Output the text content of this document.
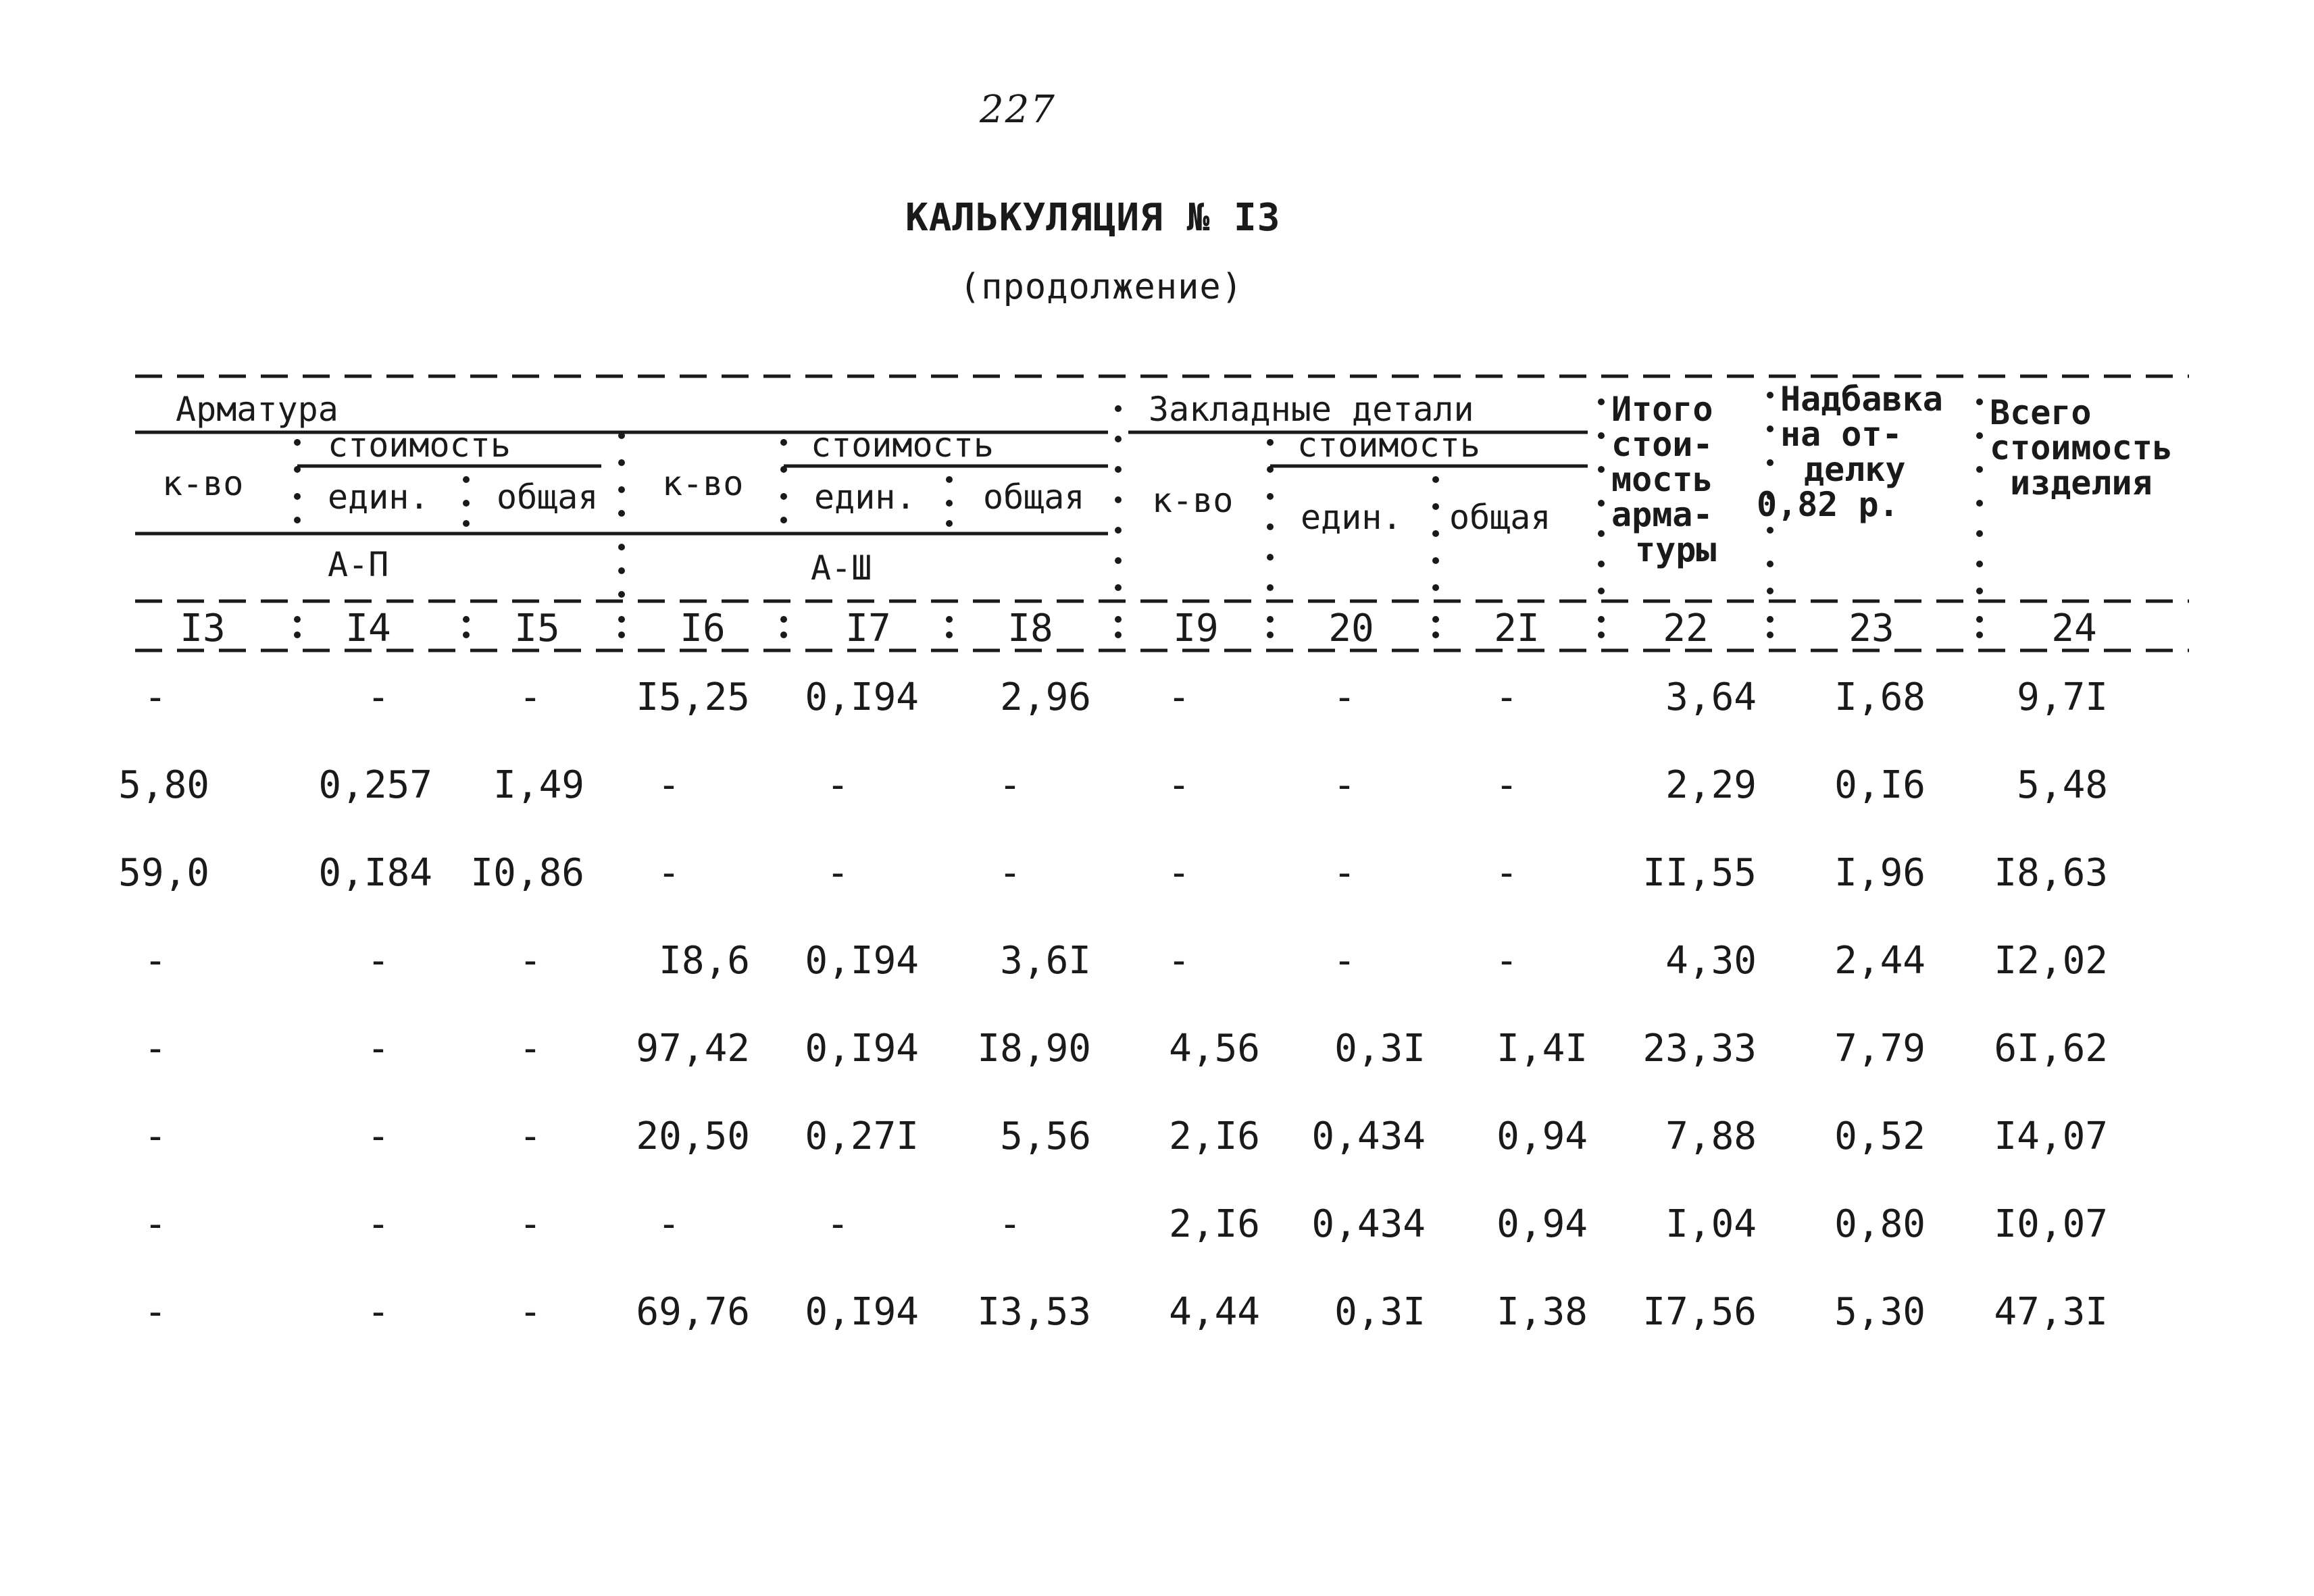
227
КАЛЬКУЛЯЦИЯ № I3
(продолжение)
Арматура	Закладные детали	Итого
стои-
мость
арма-
туры
Надбавка
на от-
делку
0,82 р.
Всего
стоимость
изделия
стоимость	стоимость	стоимость
к-во един. общая к-во един. общая к-во един. общая
А-П	А-Ш
I3	I4	I5	I6	I7	I8	I9	20	2I	22	23	24
-	-	-	I5,25	0,I94	2,96	-	-	-	3,64	I,68	9,7I
5,80	0,257	I,49	-	-	-	-	-	-	2,29	0,I6	5,48
59,0	0,I84	I0,86	-	-	-	-	-	-	II,55	I,96	I8,63
-	-	-	I8,6	0,I94	3,6I	-	-	-	4,30	2,44	I2,02
-	-	-	97,42	0,I94	I8,90	4,56	0,3I	I,4I	23,33	7,79	6I,62
-	-	-	20,50	0,27I	5,56	2,I6	0,434	0,94	7,88	0,52	I4,07
-	-	-	-	-	-	2,I6	0,434	0,94	I,04	0,80	I0,07
-	-	-	69,76	0,I94	I3,53	4,44	0,3I	I,38	I7,56	5,30	47,3I
